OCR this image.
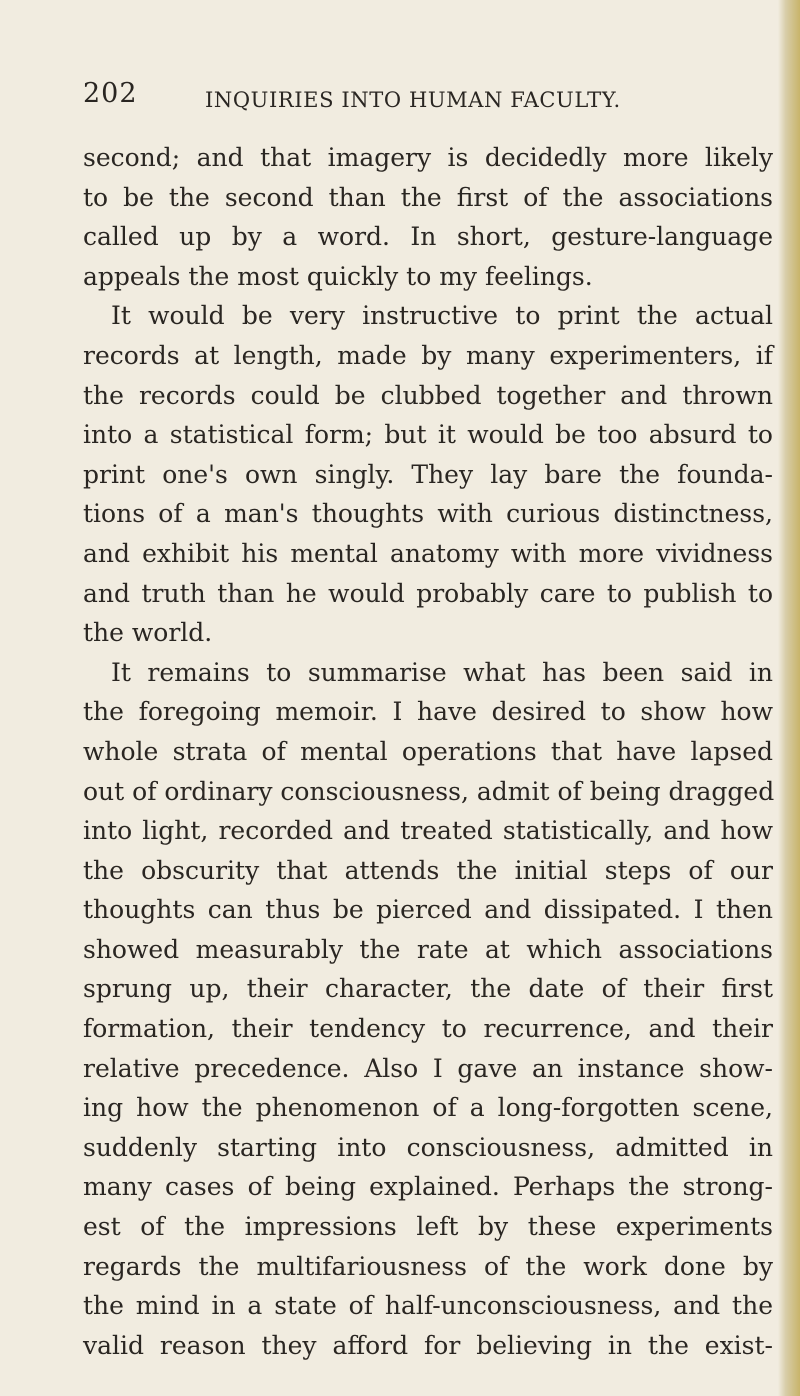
202	INQUIRIES INTO HUMAN FACULTY.
second; and that imagery is decidedly more likely
to be the second than the first of the associations
called up by a word. In short, gesture-language
appeals the most quickly to my feelings.
It would be very instructive to print the actual
records at length, made by many experimenters, if
the records could be clubbed together and thrown
into a statistical form; but it would be too absurd to
print one's own singly. They lay bare the founda-
tions of a man's thoughts with curious distinctness,
and exhibit his mental anatomy with more vividness
and truth than he would probably care to publish to
the world.
It remains to summarise what has been said in
the foregoing memoir. I have desired to show how
whole strata of mental operations that have lapsed
out of ordinary consciousness, admit of being dragged
into light, recorded and treated statistically, and how
the obscurity that attends the initial steps of our
thoughts can thus be pierced and dissipated. I then
showed measurably the rate at which associations
sprung up, their character, the date of their first
formation, their tendency to recurrence, and their
relative precedence. Also I gave an instance show-
ing how the phenomenon of a long-forgotten scene,
suddenly starting into consciousness, admitted in
many cases of being explained. Perhaps the strong-
est of the impressions left by these experiments
regards the multifariousness of the work done by
the mind in a state of half-unconsciousness, and the
valid reason they afford for believing in the exist-
